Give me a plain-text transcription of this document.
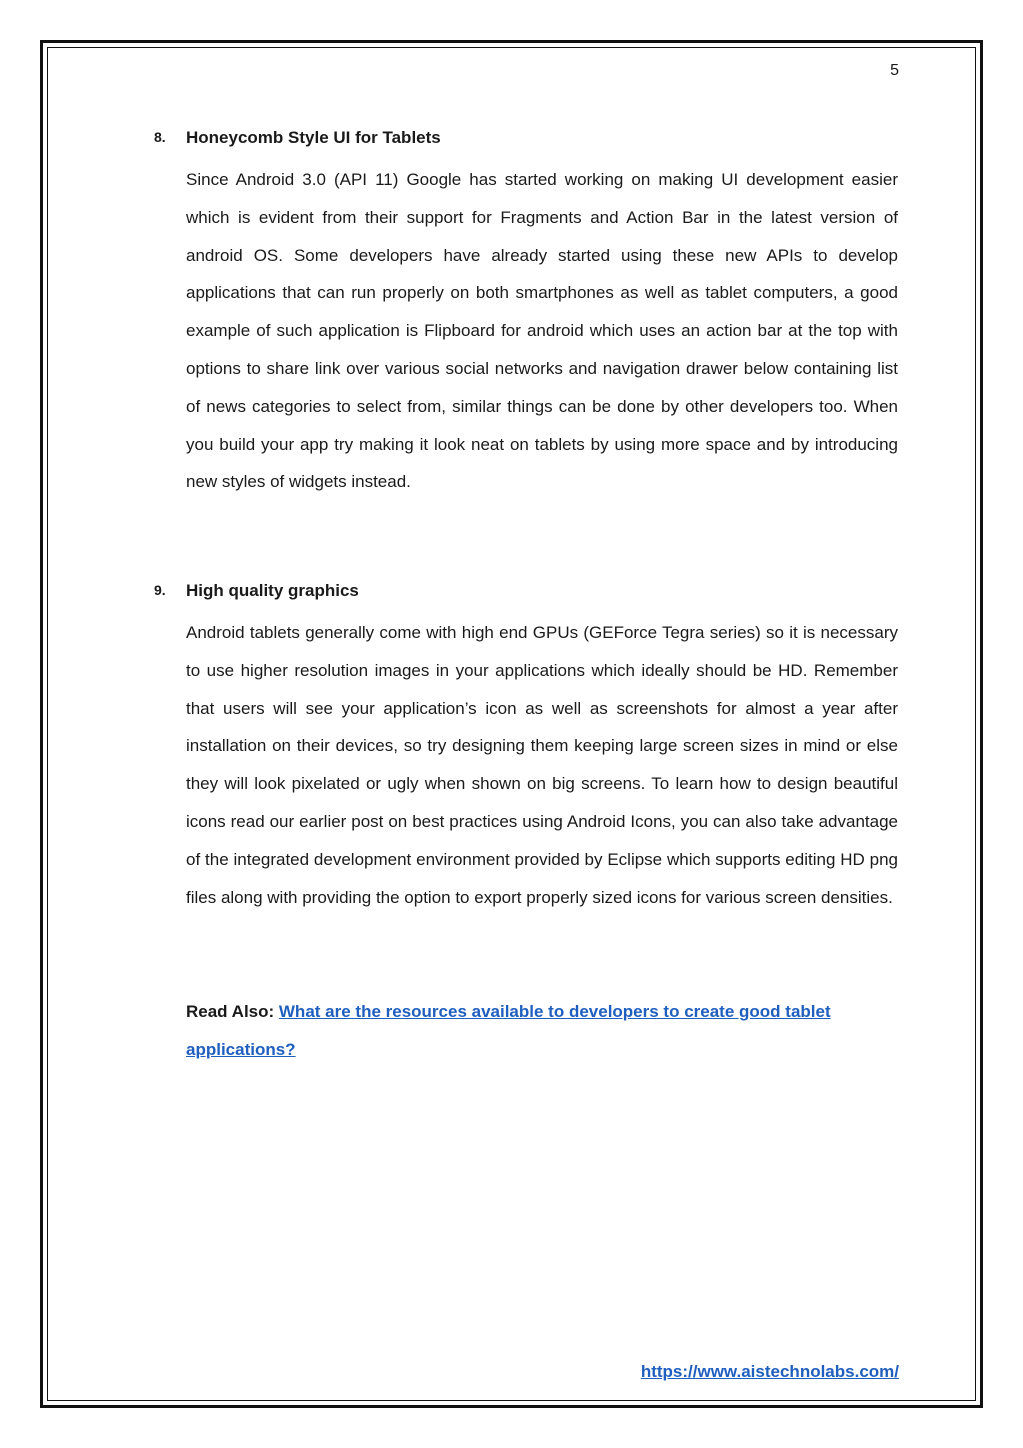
5
8. Honeycomb Style UI for Tablets

Since Android 3.0 (API 11) Google has started working on making UI development easier which is evident from their support for Fragments and Action Bar in the latest version of android OS. Some developers have already started using these new APIs to develop applications that can run properly on both smartphones as well as tablet computers, a good example of such application is Flipboard for android which uses an action bar at the top with options to share link over various social networks and navigation drawer below containing list of news categories to select from, similar things can be done by other developers too. When you build your app try making it look neat on tablets by using more space and by introducing new styles of widgets instead.

9. High quality graphics

Android tablets generally come with high end GPUs (GEForce Tegra series) so it is necessary to use higher resolution images in your applications which ideally should be HD. Remember that users will see your application’s icon as well as screenshots for almost a year after installation on their devices, so try designing them keeping large screen sizes in mind or else they will look pixelated or ugly when shown on big screens. To learn how to design beautiful icons read our earlier post on best practices using Android Icons, you can also take advantage of the integrated development environment provided by Eclipse which supports editing HD png files along with providing the option to export properly sized icons for various screen densities.

Read Also: What are the resources available to developers to create good tablet applications?
https://www.aistechnolabs.com/
